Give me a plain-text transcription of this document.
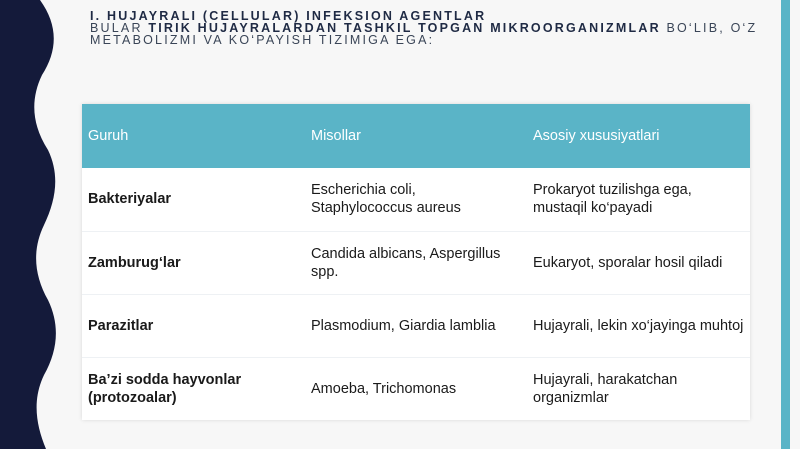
I. HUJAYRALI (CELLULAR) INFEKSION AGENTLAR
BULAR TIRIK HUJAYRALARDAN TASHKIL TOPGAN MIKROORGANIZMLAR BO‘LIB, O‘Z METABOLIZMI VA KO‘PAYISH TIZIMIGA EGA:
Guruh	Misollar	Asosiy xususiyatlari
Bakteriyalar	Escherichia coli, Staphylococcus aureus	Prokaryot tuzilishga ega, mustaqil ko‘payadi
Zamburug‘lar	Candida albicans, Aspergillus spp.	Eukaryot, sporalar hosil qiladi
Parazitlar	Plasmodium, Giardia lamblia	Hujayrali, lekin xo‘jayinga muhtoj
Ba’zi sodda hayvonlar (protozoalar)	Amoeba, Trichomonas	Hujayrali, harakatchan organizmlar
